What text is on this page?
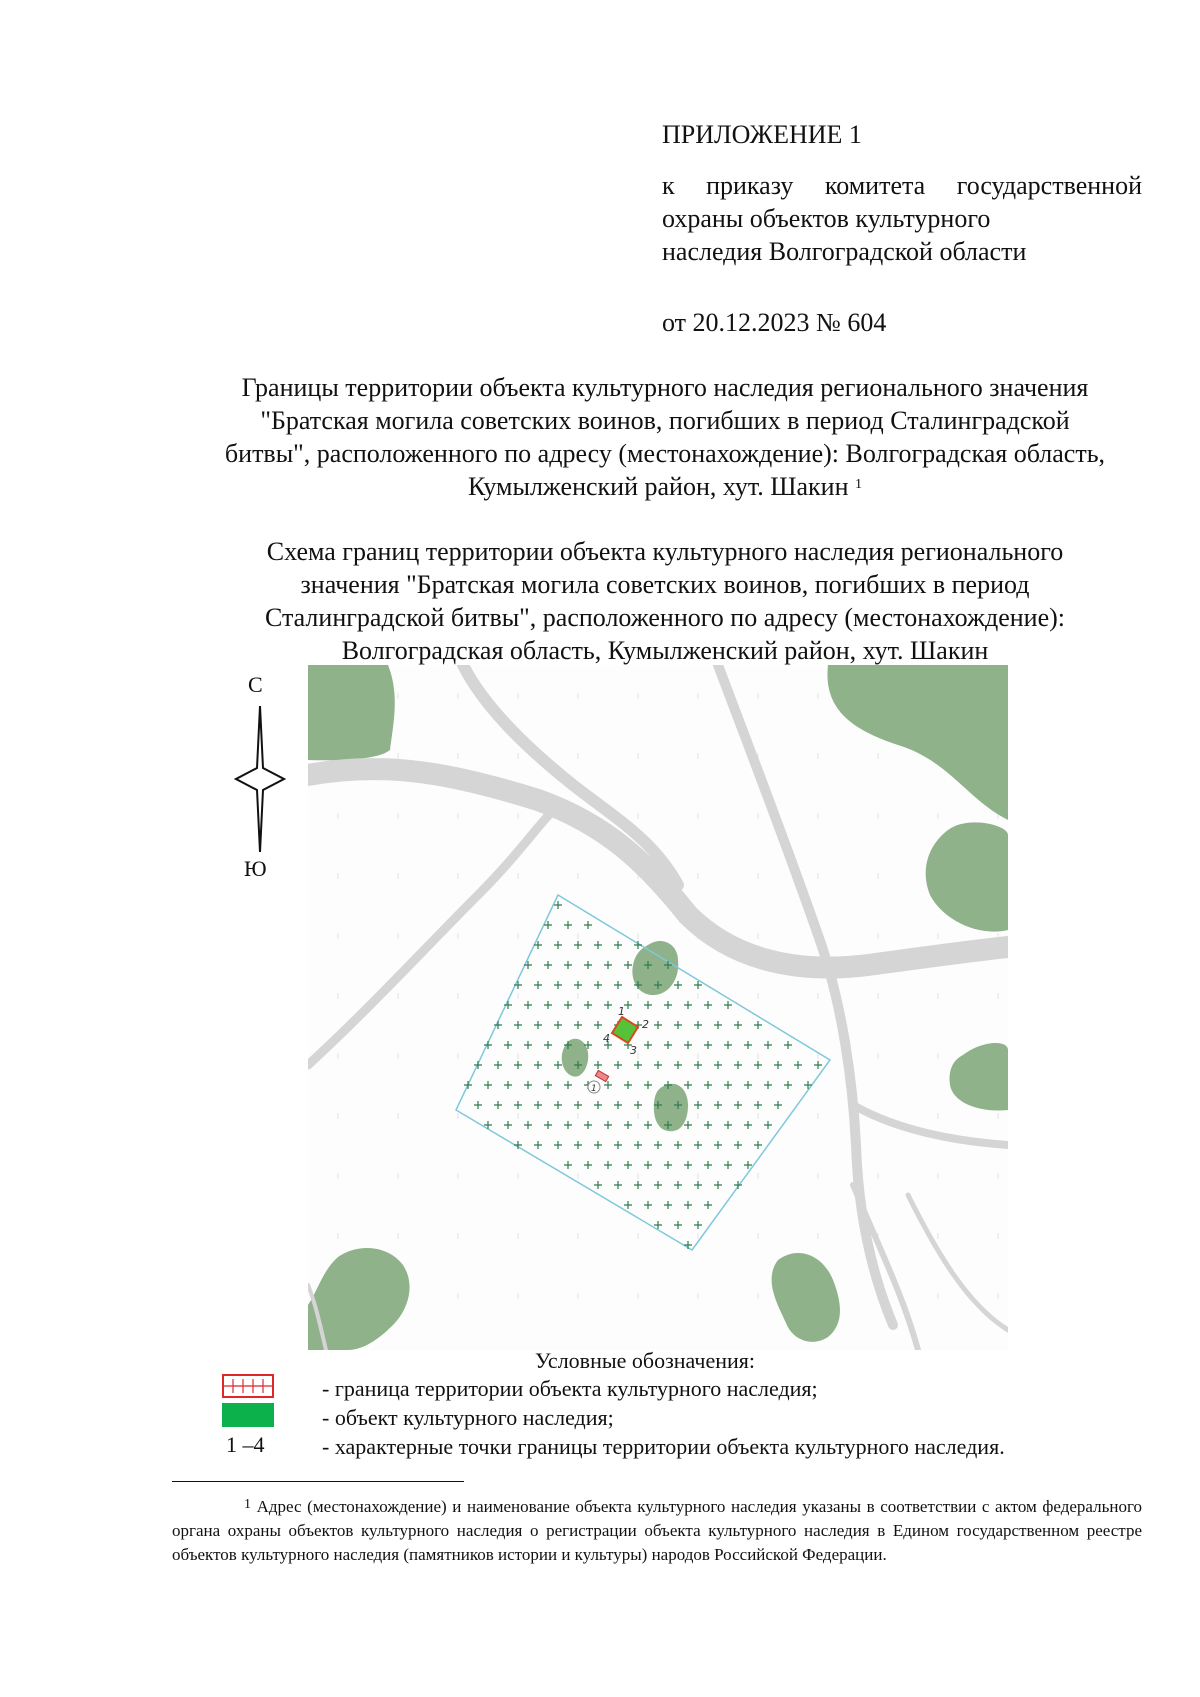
ПРИЛОЖЕНИЕ 1
к приказу комитета государственной
охраны объектов культурного
наследия Волгоградской области
от 20.12.2023 № 604
Границы территории объекта культурного наследия регионального значения
"Братская могила советских воинов, погибших в период Сталинградской
битвы", расположенного по адресу (местонахождение): Волгоградская область,
Кумылженский район, хут. Шакин $^1$
Схема границ территории объекта культурного наследия регионального
значения "Братская могила советских воинов, погибших в период
Сталинградской битвы", расположенного по адресу (местонахождение):
Волгоградская область, Кумылженский район, хут. Шакин
С
Ю
1
2
3
4
1
Условные обозначения:
- граница территории объекта культурного наследия;
- объект культурного наследия;
1 –4	- характерные точки границы территории объекта культурного наследия.
$^1$ Адрес (местонахождение) и наименование объекта культурного наследия указаны в соответствии с актом федерального органа охраны объектов культурного наследия о регистрации объекта культурного наследия в Едином государственном реестре объектов культурного наследия (памятников истории и культуры) народов Российской Федерации.
